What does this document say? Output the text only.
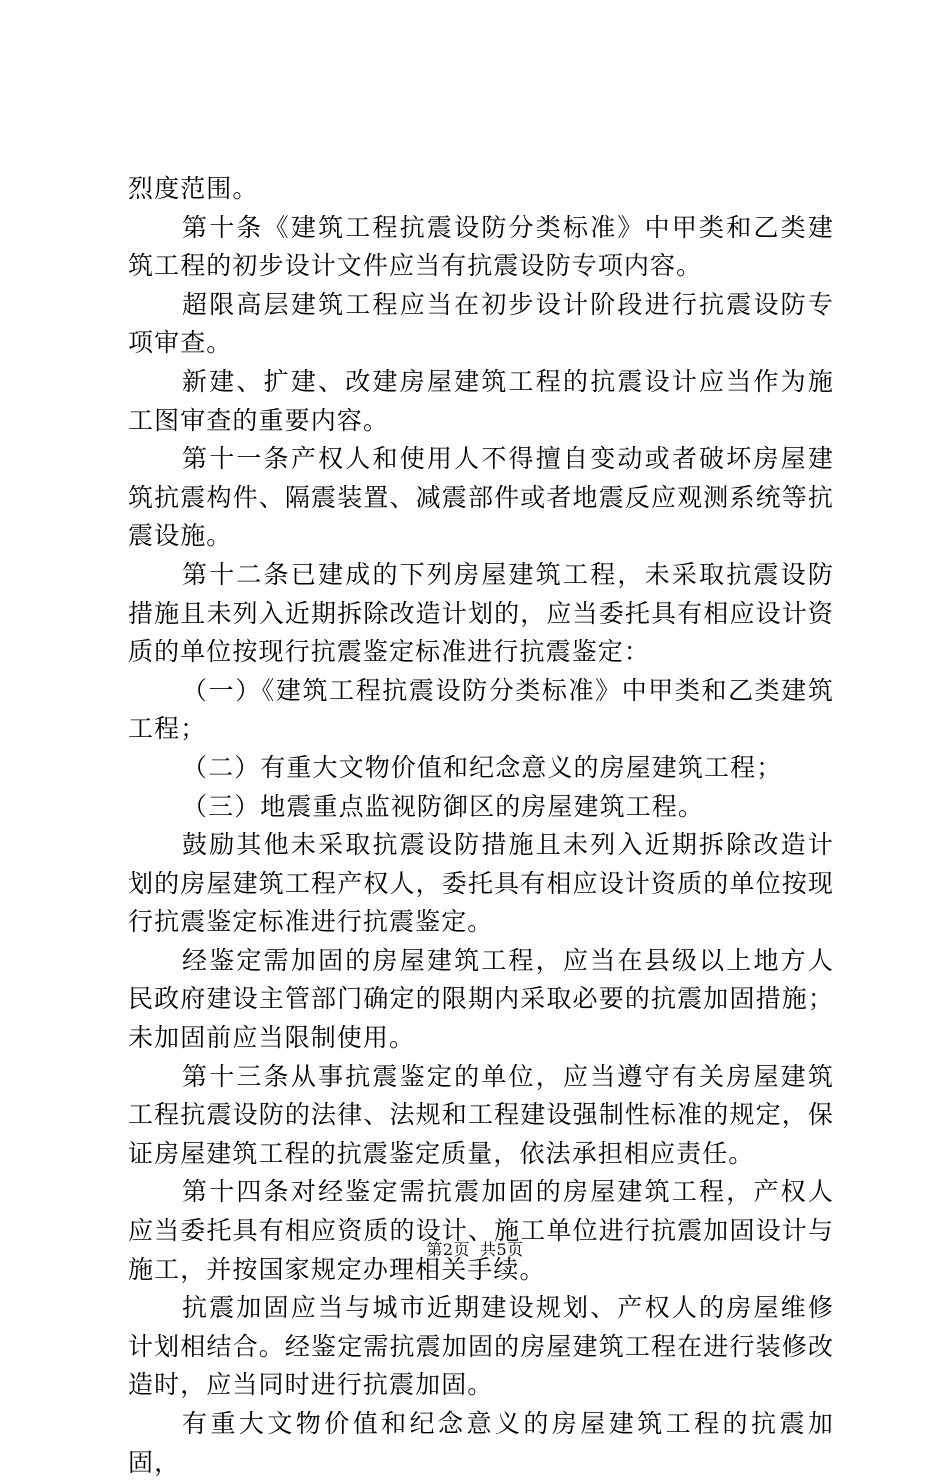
烈度范围。

第十条《建筑工程抗震设防分类标准》中甲类和乙类建筑工程的初步设计文件应当有抗震设防专项内容。

超限高层建筑工程应当在初步设计阶段进行抗震设防专项审查。

新建、扩建、改建房屋建筑工程的抗震设计应当作为施工图审查的重要内容。

第十一条产权人和使用人不得擅自变动或者破坏房屋建筑抗震构件、隔震装置、减震部件或者地震反应观测系统等抗震设施。

第十二条已建成的下列房屋建筑工程，未采取抗震设防措施且未列入近期拆除改造计划的，应当委托具有相应设计资质的单位按现行抗震鉴定标准进行抗震鉴定：

（一）《建筑工程抗震设防分类标准》中甲类和乙类建筑工程；

（二）有重大文物价值和纪念意义的房屋建筑工程；

（三）地震重点监视防御区的房屋建筑工程。

鼓励其他未采取抗震设防措施且未列入近期拆除改造计划的房屋建筑工程产权人，委托具有相应设计资质的单位按现行抗震鉴定标准进行抗震鉴定。

经鉴定需加固的房屋建筑工程，应当在县级以上地方人民政府建设主管部门确定的限期内采取必要的抗震加固措施；未加固前应当限制使用。

第十三条从事抗震鉴定的单位，应当遵守有关房屋建筑工程抗震设防的法律、法规和工程建设强制性标准的规定，保证房屋建筑工程的抗震鉴定质量，依法承担相应责任。

第十四条对经鉴定需抗震加固的房屋建筑工程，产权人应当委托具有相应资质的设计、施工单位进行抗震加固设计与施工，并按国家规定办理相关手续。

抗震加固应当与城市近期建设规划、产权人的房屋维修计划相结合。经鉴定需抗震加固的房屋建筑工程在进行装修改造时，应当同时进行抗震加固。

有重大文物价值和纪念意义的房屋建筑工程的抗震加固，

第2页 共5页
